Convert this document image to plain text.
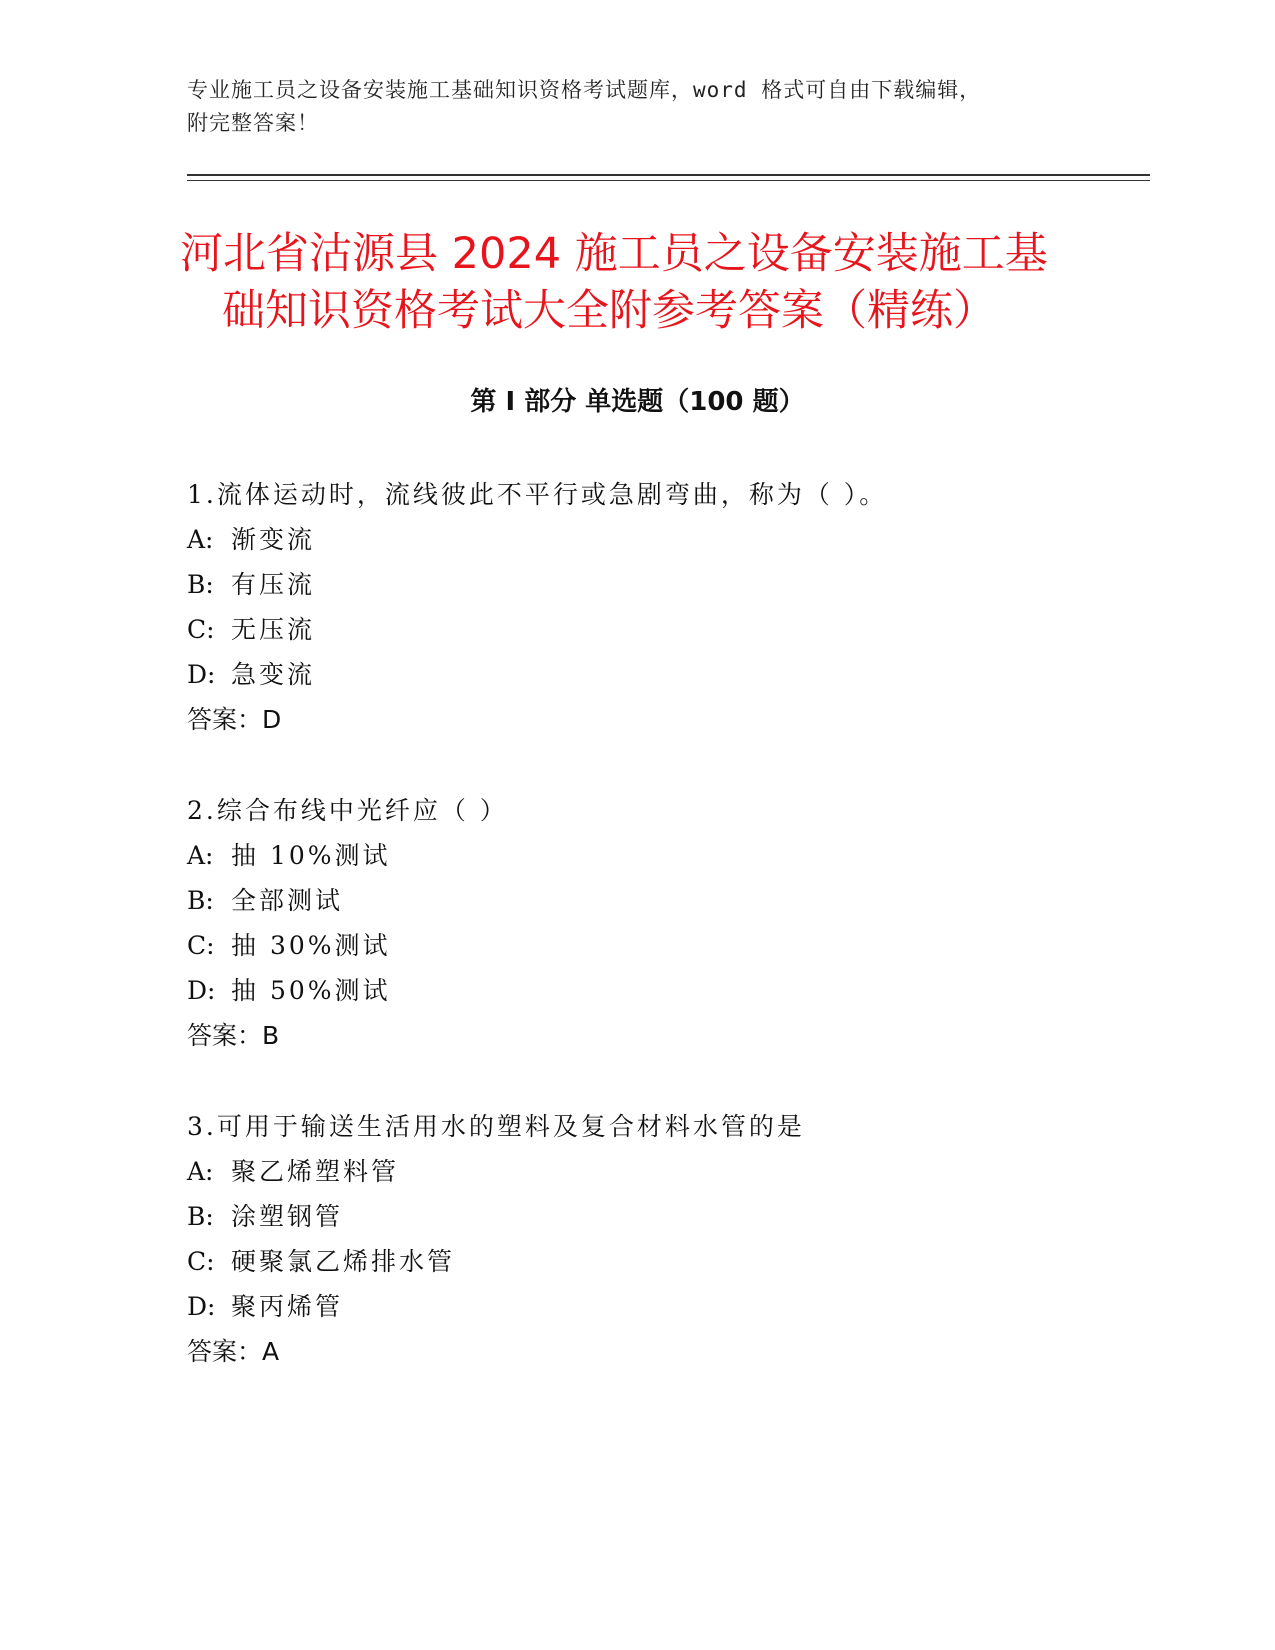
专业施工员之设备安装施工基础知识资格考试题库，word 格式可自由下载编辑，
附完整答案！
河北省沽源县 2024 施工员之设备安装施工基
础知识资格考试大全附参考答案（精练）
第 I 部分 单选题（100 题）
1.流体运动时，流线彼此不平行或急剧弯曲，称为（ ）。
A: 渐变流
B: 有压流
C: 无压流
D: 急变流
答案：D
2.综合布线中光纤应（ ）
A: 抽 10%测试
B: 全部测试
C: 抽 30%测试
D: 抽 50%测试
答案：B
3.可用于输送生活用水的塑料及复合材料水管的是
A: 聚乙烯塑料管
B: 涂塑钢管
C: 硬聚氯乙烯排水管
D: 聚丙烯管
答案：A
